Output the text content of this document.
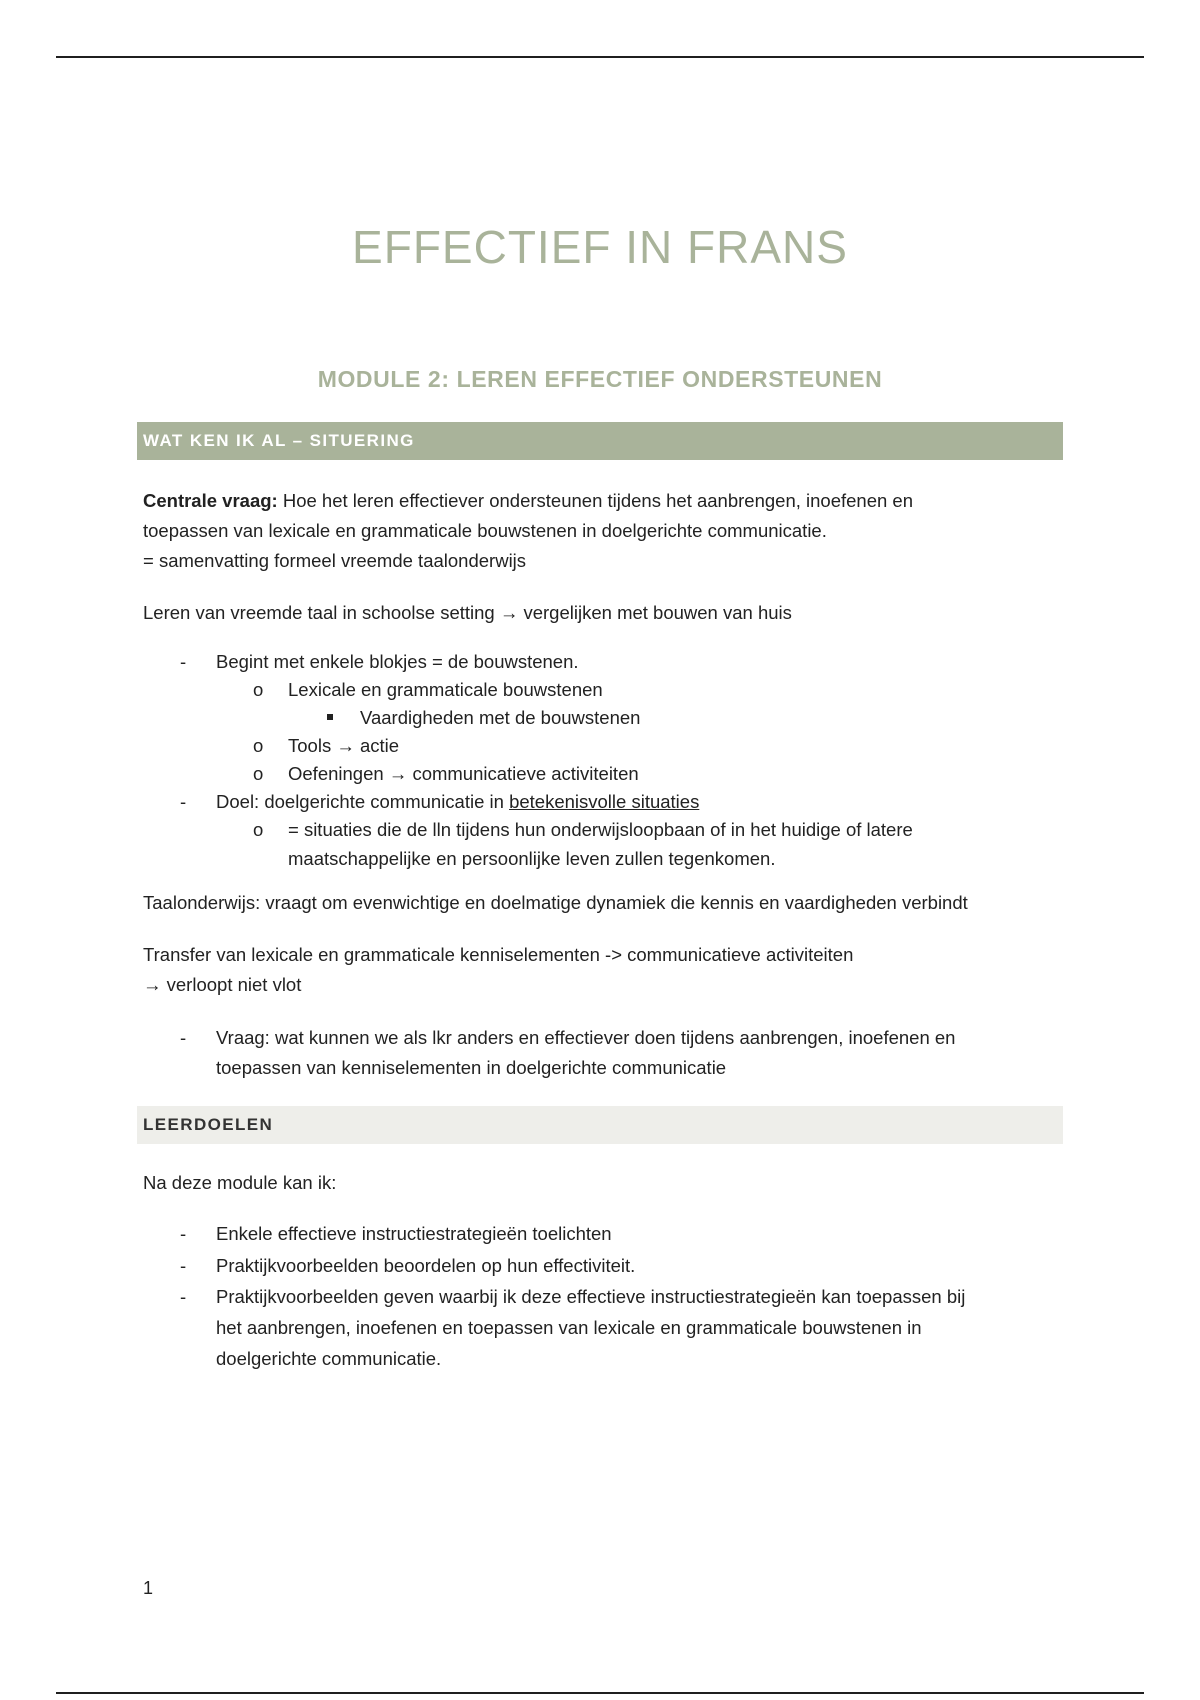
EFFECTIEF IN FRANS
MODULE 2: LEREN EFFECTIEF ONDERSTEUNEN
WAT KEN IK AL – SITUERING
Centrale vraag: Hoe het leren effectiever ondersteunen tijdens het aanbrengen, inoefenen en
toepassen van lexicale en grammaticale bouwstenen in doelgerichte communicatie.
= samenvatting formeel vreemde taalonderwijs
Leren van vreemde taal in schoolse setting → vergelijken met bouwen van huis
- Begint met enkele blokjes = de bouwstenen.
o Lexicale en grammaticale bouwstenen
Vaardigheden met de bouwstenen
o Tools → actie
o Oefeningen → communicatieve activiteiten
- Doel: doelgerichte communicatie in betekenisvolle situaties
o = situaties die de lln tijdens hun onderwijsloopbaan of in het huidige of latere
maatschappelijke en persoonlijke leven zullen tegenkomen.
Taalonderwijs: vraagt om evenwichtige en doelmatige dynamiek die kennis en vaardigheden verbindt
Transfer van lexicale en grammaticale kenniselementen -> communicatieve activiteiten
→ verloopt niet vlot
- Vraag: wat kunnen we als lkr anders en effectiever doen tijdens aanbrengen, inoefenen en
toepassen van kenniselementen in doelgerichte communicatie
LEERDOELEN
Na deze module kan ik:
- Enkele effectieve instructiestrategieën toelichten
- Praktijkvoorbeelden beoordelen op hun effectiviteit.
- Praktijkvoorbeelden geven waarbij ik deze effectieve instructiestrategieën kan toepassen bij
het aanbrengen, inoefenen en toepassen van lexicale en grammaticale bouwstenen in
doelgerichte communicatie.
1
